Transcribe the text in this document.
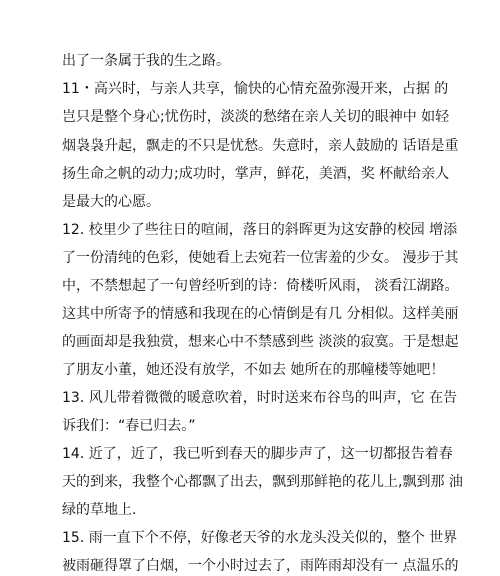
出了一条属于我的生之路。
11・高兴时，与亲人共享，愉快的心情充盈弥漫开来，占据 的
岂只是整个身心;忧伤时，淡淡的愁绪在亲人关切的眼神中 如轻
烟袅袅升起，飘走的不只是忧愁。失意时，亲人鼓励的 话语是重
扬生命之帆的动力;成功时，掌声，鲜花，美酒，奖 杯献给亲人
是最大的心愿。
12. 校里少了些往日的喧闹，落日的斜晖更为这安静的校园 增添
了一份清纯的色彩，使她看上去宛若一位害羞的少女。 漫步于其
中，不禁想起了一句曾经听到的诗：倚楼听风雨， 淡看江湖路。
这其中所寄予的情感和我现在的心情倒是有几 分相似。这样美丽
的画面却是我独赏，想来心中不禁感到些 淡淡的寂寞。于是想起
了朋友小董，她还没有放学，不如去 她所在的那幢楼等她吧！
13. 风儿带着微微的暖意吹着，时时送来布谷鸟的叫声，它 在告
诉我们：“春已归去。”
14. 近了，近了，我已听到春天的脚步声了，这一切都报告着春
天的到来，我整个心都飘了出去，飘到那鲜艳的花儿上,飘到那 油
绿的草地上.
15. 雨一直下个不停，好像老天爷的水龙头没关似的，整个 世界
被雨砸得罩了白烟，一个小时过去了，雨阵雨却没有一 点温乐的
